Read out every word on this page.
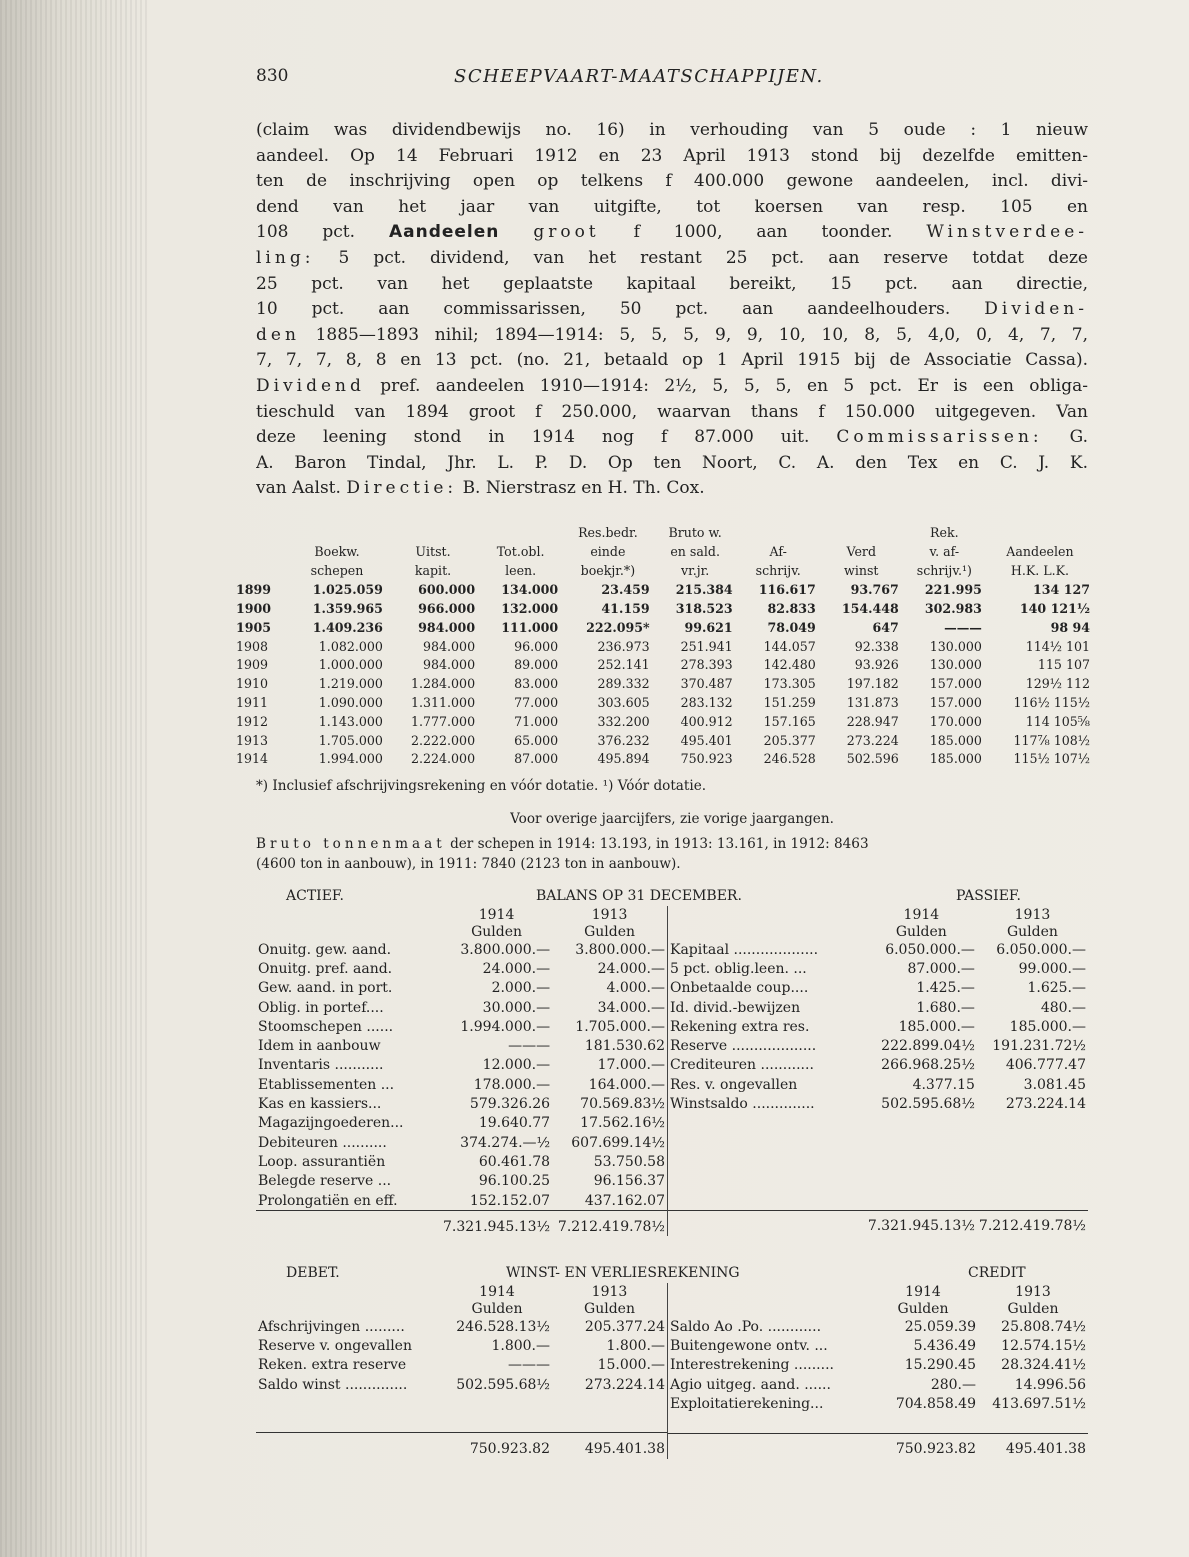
830	SCHEEPVAART-MAATSCHAPPIJEN.
(claim was dividendbewijs no. 16) in verhouding van 5 oude : 1 nieuw
aandeel. Op 14 Februari 1912 en 23 April 1913 stond bij dezelfde emitten-
ten de inschrijving open op telkens f 400.000 gewone aandeelen, incl. divi-
dend van het jaar van uitgifte, tot koersen van resp. 105 en
108 pct. Aandeelen groot f 1000, aan toonder. Winstverdee-
ling: 5 pct. dividend, van het restant 25 pct. aan reserve totdat deze
25 pct. van het geplaatste kapitaal bereikt, 15 pct. aan directie,
10 pct. aan commissarissen, 50 pct. aan aandeelhouders. Dividen-
den 1885—1893 nihil; 1894—1914: 5, 5, 5, 9, 9, 10, 10, 8, 5, 4,0, 0, 4, 7, 7,
7, 7, 7, 8, 8 en 13 pct. (no. 21, betaald op 1 April 1915 bij de Associatie Cassa).
Dividend pref. aandeelen 1910—1914: 2½, 5, 5, 5, en 5 pct. Er is een obliga-
tieschuld van 1894 groot f 250.000, waarvan thans f 150.000 uitgegeven. Van
deze leening stond in 1914 nog f 87.000 uit. Commissarissen: G.
A. Baron Tindal, Jhr. L. P. D. Op ten Noort, C. A. den Tex en C. J. K.
van Aalst. Directie: B. Nierstrasz en H. Th. Cox.
				Res.bedr.	Bruto w.			Rek.	
	Boekw.	Uitst.	Tot.obl.	einde	en sald.	Af-	Verd	v. af-	Aandeelen
	schepen	kapit.	leen.	boekjr.*)	vr.jr.	schrijv.	winst	schrijv.¹)	H.K. L.K.
1899	1.025.059	600.000	134.000	23.459	215.384	116.617	93.767	221.995	134 127
1900	1.359.965	966.000	132.000	41.159	318.523	82.833	154.448	302.983	140 121½
1905	1.409.236	984.000	111.000	222.095*	99.621	78.049	647	———	98 94
1908	1.082.000	984.000	96.000	236.973	251.941	144.057	92.338	130.000	114½ 101
1909	1.000.000	984.000	89.000	252.141	278.393	142.480	93.926	130.000	115 107
1910	1.219.000	1.284.000	83.000	289.332	370.487	173.305	197.182	157.000	129½ 112
1911	1.090.000	1.311.000	77.000	303.605	283.132	151.259	131.873	157.000	116½ 115½
1912	1.143.000	1.777.000	71.000	332.200	400.912	157.165	228.947	170.000	114 105⅝
1913	1.705.000	2.222.000	65.000	376.232	495.401	205.377	273.224	185.000	117⅞ 108½
1914	1.994.000	2.224.000	87.000	495.894	750.923	246.528	502.596	185.000	115½ 107½
*) Inclusief afschrijvingsrekening en vóór dotatie. ¹) Vóór dotatie.
Voor overige jaarcijfers, zie vorige jaargangen.
Bruto tonnenmaat der schepen in 1914: 13.193, in 1913: 13.161, in 1912: 8463
(4600 ton in aanbouw), in 1911: 7840 (2123 ton in aanbouw).
ACTIEF.	BALANS OP 31 DECEMBER.	PASSIEF.
	1914	1913
	Gulden	Gulden
Onuitg. gew. aand.	3.800.000.—	3.800.000.—
Onuitg. pref. aand.	24.000.—	24.000.—
Gew. aand. in port.	2.000.—	4.000.—
Oblig. in portef....	30.000.—	34.000.—
Stoomschepen ......	1.994.000.—	1.705.000.—
Idem in aanbouw	———	181.530.62
Inventaris ...........	12.000.—	17.000.—
Etablissementen ...	178.000.—	164.000.—
Kas en kassiers...	579.326.26	70.569.83½
Magazijngoederen...	19.640.77	17.562.16½
Debiteuren ..........	374.274.—½	607.699.14½
Loop. assurantiën	60.461.78	53.750.58
Belegde reserve ...	96.100.25	96.156.37
Prolongatiën en eff.	152.152.07	437.162.07
	7.321.945.13½	7.212.419.78½
	1914	1913
	Gulden	Gulden
Kapitaal ...................	6.050.000.—	6.050.000.—
5 pct. oblig.leen. ...	87.000.—	99.000.—
Onbetaalde coup....	1.425.—	1.625.—
Id. divid.-bewijzen	1.680.—	480.—
Rekening extra res.	185.000.—	185.000.—
Reserve ...................	222.899.04½	191.231.72½
Crediteuren ............	266.968.25½	406.777.47
Res. v. ongevallen	4.377.15	3.081.45
Winstsaldo ..............	502.595.68½	273.224.14

	7.321.945.13½	7.212.419.78½
DEBET.	WINST- EN VERLIESREKENING	CREDIT
	1914	1913
	Gulden	Gulden
Afschrijvingen .........	246.528.13½	205.377.24
Reserve v. ongevallen	1.800.—	1.800.—
Reken. extra reserve	———	15.000.—
Saldo winst ..............	502.595.68½	273.224.14

	750.923.82	495.401.38
	1914	1913
	Gulden	Gulden
Saldo Ao .Po. ............	25.059.39	25.808.74½
Buitengewone ontv. ...	5.436.49	12.574.15½
Interestrekening .........	15.290.45	28.324.41½
Agio uitgeg. aand. ......	280.—	14.996.56
Exploitatierekening...	704.858.49	413.697.51½

	750.923.82	495.401.38
